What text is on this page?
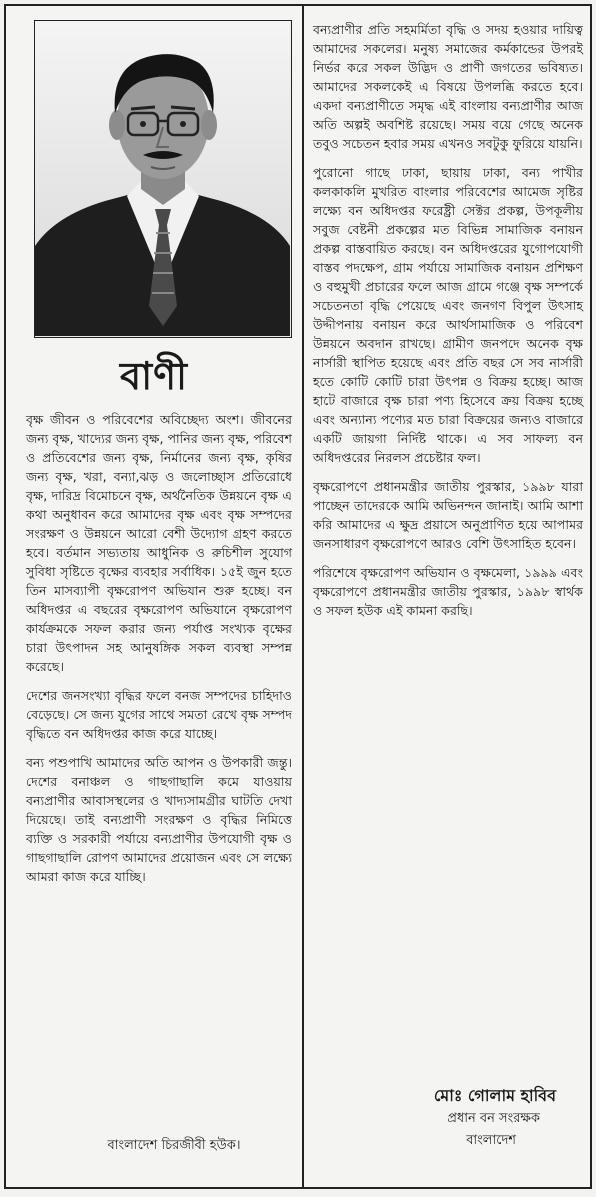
বাণী

বৃক্ষ জীবন ও পরিবেশের অবিচ্ছেদ্য অংশ। জীবনের জন্য বৃক্ষ, খাদ্যের জন্য বৃক্ষ, পানির জন্য বৃক্ষ, পরিবেশ ও প্রতিবেশের জন্য বৃক্ষ, নির্মানের জন্য বৃক্ষ, কৃষির জন্য বৃক্ষ, খরা, বন্যা,ঝড় ও জলোচ্ছাস প্রতিরোধে বৃক্ষ, দারিদ্র বিমোচনে বৃক্ষ, অর্থনৈতিক উন্নয়নে বৃক্ষ এ কথা অনুধাবন করে আমাদের বৃক্ষ এবং বৃক্ষ সম্পদের সংরক্ষণ ও উন্নয়নে আরো বেশী উদ্যোগ গ্রহণ করতে হবে। বর্তমান সভ্যতায় আধুনিক ও রুচিশীল সুযোগ সুবিধা সৃষ্টিতে বৃক্ষের ব্যবহার সর্বাধিক। ১৫ই জুন হতে তিন মাসব্যাপী বৃক্ষরোপণ অভিযান শুরু হচ্ছে। বন অধিদপ্তর এ বছরের বৃক্ষরোপণ অভিযানে বৃক্ষরোপণ কার্যক্রমকে সফল করার জন্য পর্যাপ্ত সংখ্যক বৃক্ষের চারা উৎপাদন সহ আনুষঙ্গিক সকল ব্যবস্থা সম্পন্ন করেছে।

দেশের জনসংখ্যা বৃদ্ধির ফলে বনজ সম্পদের চাহিদাও বেড়েছে। সে জন্য যুগের সাথে সমতা রেখে বৃক্ষ সম্পদ বৃদ্ধিতে বন অধিদপ্তর কাজ করে যাচ্ছে।

বন্য পশুপাখি আমাদের অতি আপন ও উপকারী জন্তু। দেশের বনাঞ্চল ও গাছগাছালি কমে যাওয়ায় বন্যপ্রাণীর আবাসস্থলের ও খাদ্যসামগ্রীর ঘাটতি দেখা দিয়েছে। তাই বন্যপ্রাণী সংরক্ষণ ও বৃদ্ধির নিমিত্তে ব্যক্তি ও সরকারী পর্যায়ে বন্যপ্রাণীর উপযোগী বৃক্ষ ও গাছগাছালি রোপণ আমাদের প্রয়োজন এবং সে লক্ষ্যে আমরা কাজ করে যাচ্ছি।

বাংলাদেশ চিরজীবী হউক।

বন্যপ্রাণীর প্রতি সহমর্মিতা বৃদ্ধি ও সদয় হওয়ার দায়িত্ব আমাদের সকলের। মনুষ্য সমাজের কর্মকান্ডের উপরই নির্ভর করে সকল উদ্ভিদ ও প্রাণী জগতের ভবিষ্যত। আমাদের সকলকেই এ বিষয়ে উপলব্ধি করতে হবে। একদা বন্যপ্রাণীতে সমৃদ্ধ এই বাংলায় বন্যপ্রাণীর আজ অতি অল্পই অবশিষ্ট রয়েছে। সময় বয়ে গেছে অনেক তবুও সচেতন হবার সময় এখনও সবটুকু ফুরিয়ে যায়নি।

পুরোনো গাছে ঢাকা, ছায়ায় ঢাকা, বন্য পাখীর কলকাকলি মুখরিত বাংলার পরিবেশের আমেজ সৃষ্টির লক্ষ্যে বন অধিদপ্তর ফরেষ্ট্রী সেক্টর প্রকল্প, উপকূলীয় সবুজ বেষ্টনী প্রকল্পের মত বিভিন্ন সামাজিক বনায়ন প্রকল্প বাস্তবায়িত করছে। বন অধিদপ্তরের যুগোপযোগী বাস্তব পদক্ষেপ, গ্রাম পর্যায়ে সামাজিক বনায়ন প্রশিক্ষণ ও বহুমুখী প্রচারের ফলে আজ গ্রামে গঞ্জে বৃক্ষ সম্পর্কে সচেতনতা বৃদ্ধি পেয়েছে এবং জনগণ বিপুল উৎসাহ উদ্দীপনায় বনায়ন করে আর্থসামাজিক ও পরিবেশ উন্নয়নে অবদান রাখছে। গ্রামীণ জনপদে অনেক বৃক্ষ নার্সারী স্থাপিত হয়েছে এবং প্রতি বছর সে সব নার্সারী হতে কোটি কোটি চারা উৎপন্ন ও বিক্রয় হচ্ছে। আজ হাটে বাজারে বৃক্ষ চারা পণ্য হিসেবে ক্রয় বিক্রয় হচ্ছে এবং অন্যান্য পণ্যের মত চারা বিক্রয়ের জন্যও বাজারে একটি জায়গা নির্দিষ্ট থাকে। এ সব সাফল্য বন অধিদপ্তরের নিরলস প্রচেষ্টার ফল।

বৃক্ষরোপণে প্রধানমন্ত্রীর জাতীয় পুরস্কার, ১৯৯৮ যারা পাচ্ছেন তাদেরকে আমি অভিনন্দন জানাই। আমি আশা করি আমাদের এ ক্ষুদ্র প্রয়াসে অনুপ্রাণিত হয়ে আপামর জনসাধারণ বৃক্ষরোপণে আরও বেশি উৎসাহিত হবেন।

পরিশেষে বৃক্ষরোপণ অভিযান ও বৃক্ষমেলা, ১৯৯৯ এবং বৃক্ষরোপণে প্রধানমন্ত্রীর জাতীয় পুরস্কার, ১৯৯৮ স্বার্থক ও সফল হউক এই কামনা করছি।

মোঃ গোলাম হাবিব
প্রধান বন সংরক্ষক
বাংলাদেশ
